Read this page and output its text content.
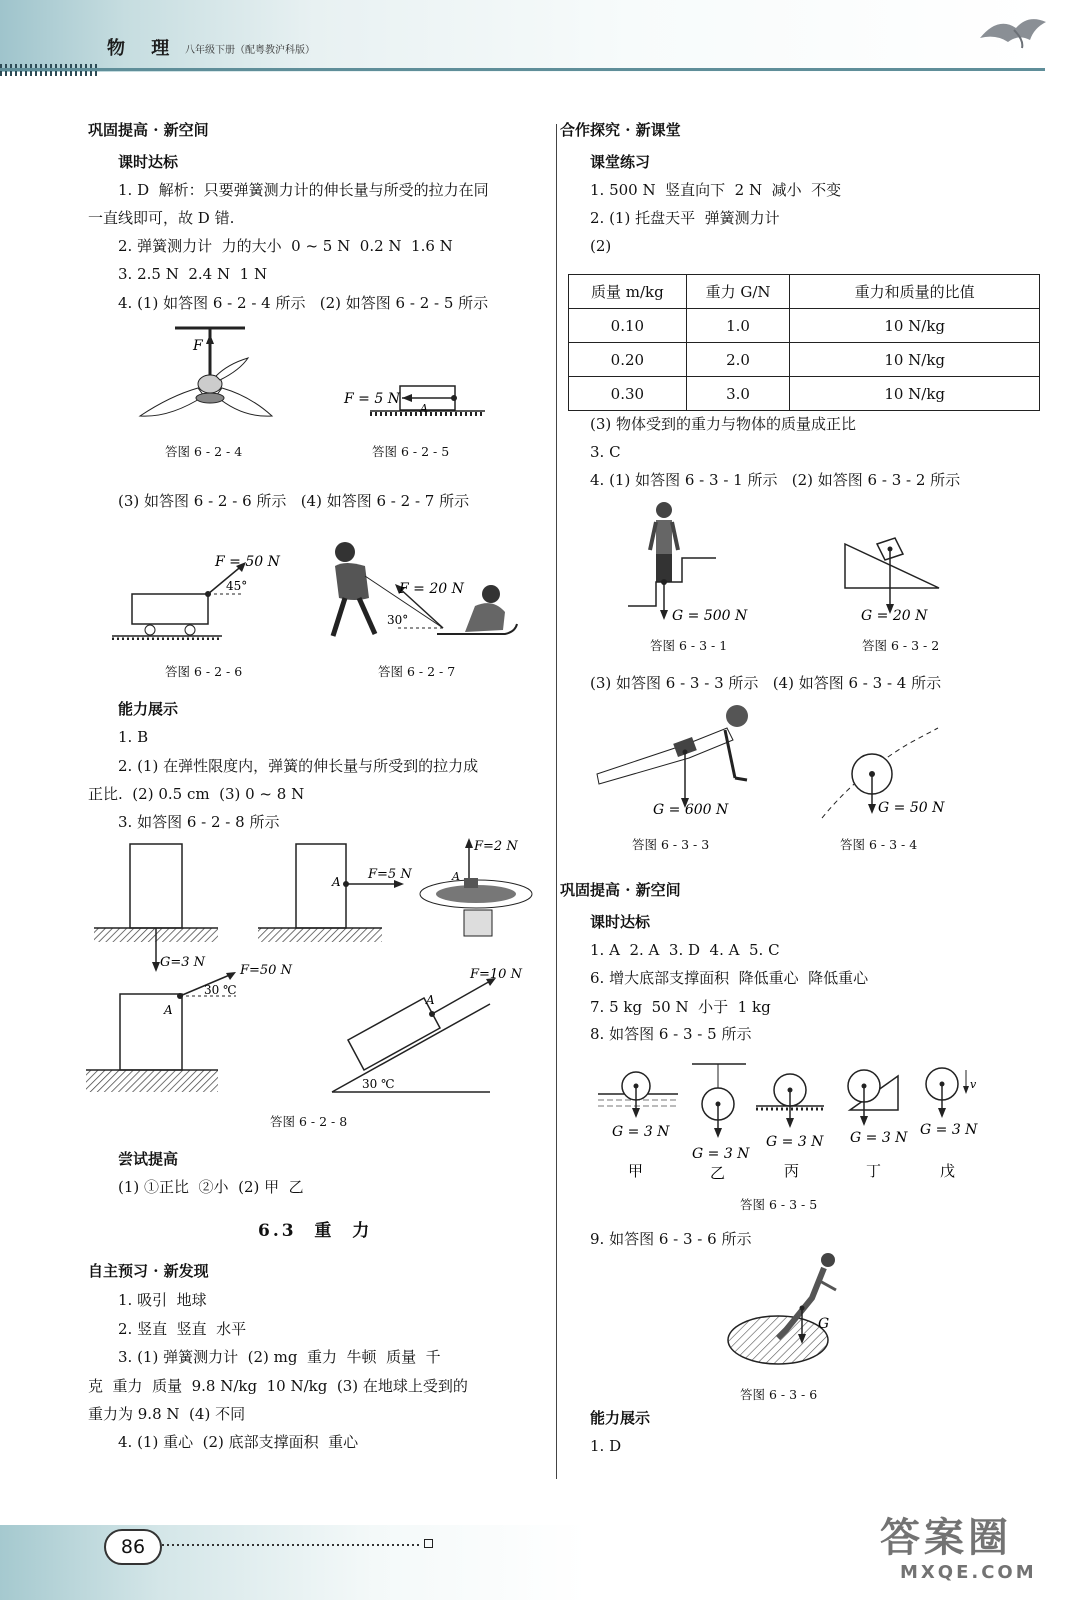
物 理 八年级下册（配粤教沪科版）
巩固提高 · 新空间
课时达标
1. D  解析：只要弹簧测力计的伸长量与所受的拉力在同
一直线即可，故 D 错.
2. 弹簧测力计  力的大小  0 ~ 5 N  0.2 N  1.6 N
3. 2.5 N  2.4 N  1 N
4. (1) 如答图 6 - 2 - 4 所示   (2) 如答图 6 - 2 - 5 所示
F
答图 6 - 2 - 4
F = 5 N
A
答图 6 - 2 - 5
(3) 如答图 6 - 2 - 6 所示   (4) 如答图 6 - 2 - 7 所示
F = 50 N
45°
答图 6 - 2 - 6
F = 20 N
30°
答图 6 - 2 - 7
能力展示
1. B
2. (1) 在弹性限度内，弹簧的伸长量与所受到的拉力成
正比.  (2) 0.5 cm  (3) 0 ~ 8 N
3. 如答图 6 - 2 - 8 所示
G=3 N
A F=5 N
F=2 N
A
A
30 ℃
F=50 N
A
F=10 N
30 ℃
答图 6 - 2 - 8
尝试提高
(1) ①正比  ②小  (2) 甲  乙
6.3  重  力
自主预习 · 新发现
1. 吸引  地球
2. 竖直  竖直  水平
3. (1) 弹簧测力计  (2) mg  重力  牛顿  质量  千
克  重力  质量  9.8 N/kg  10 N/kg  (3) 在地球上受到的
重力为 9.8 N  (4) 不同
4. (1) 重心  (2) 底部支撑面积  重心
合作探究 · 新课堂
课堂练习
1. 500 N  竖直向下  2 N  减小  不变
2. (1) 托盘天平  弹簧测力计
(2)
质量 m/kg	重力 G/N	重力和质量的比值
0.10	1.0	10 N/kg
0.20	2.0	10 N/kg
0.30	3.0	10 N/kg
(3) 物体受到的重力与物体的质量成正比
3. C
4. (1) 如答图 6 - 3 - 1 所示   (2) 如答图 6 - 3 - 2 所示
G = 500 N
答图 6 - 3 - 1
G = 20 N
答图 6 - 3 - 2
(3) 如答图 6 - 3 - 3 所示   (4) 如答图 6 - 3 - 4 所示
G = 600 N
答图 6 - 3 - 3
G = 50 N
答图 6 - 3 - 4
巩固提高 · 新空间
课时达标
1. A  2. A  3. D  4. A  5. C
6. 增大底部支撑面积  降低重心  降低重心
7. 5 kg  50 N  小于  1 kg
8. 如答图 6 - 3 - 5 所示
G = 3 N
甲
G = 3 N
乙
G = 3 N
丙
G = 3 N
丁
v
G = 3 N
戊
答图 6 - 3 - 5
9. 如答图 6 - 3 - 6 所示
G
答图 6 - 3 - 6
能力展示
1. D
86	答案圈
MXQE.COM
